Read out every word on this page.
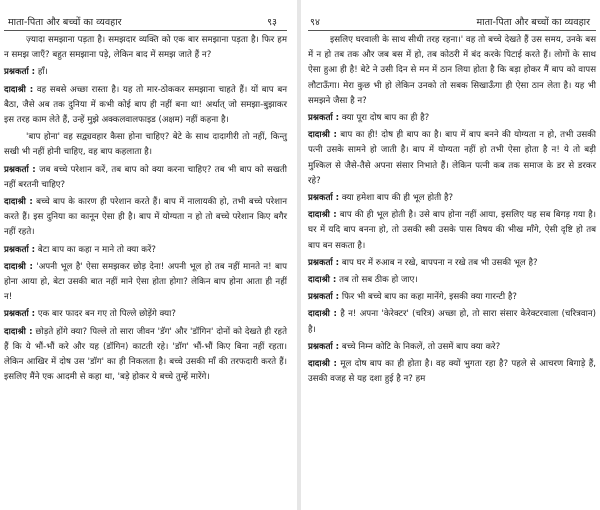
माता-पिता और बच्चों का व्यवहार	९३

ज़्यादा समझाना पड़ता है। समझदार व्यक्ति को एक बार समझाना पड़ता है। फिर हम न समझ जाएँ? बहुत समझाना पड़े, लेकिन बाद में समझ जाते हैं न?

प्रश्नकर्ता : हाँ।

दादाश्री : वह सबसे अच्छा रास्ता है। यह तो मार-ठोककर समझाना चाहते हैं। यों बाप बन बैठा, जैसे अब तक दुनिया में कभी कोई बाप ही नहीं बना था! अर्थात् जो समझा-बुझाकर इस तरह काम लेते हैं, उन्हें मुझे अक्कलवालफाइड (अक्षम) नहीं कहना है।

'बाप होना' वह सद्व्यवहार कैसा होना चाहिए? बेटे के साथ दादागीरी तो नहीं, किन्तु सखी भी नहीं होनी चाहिए, वह बाप कहलाता है।

प्रश्नकर्ता : जब बच्चे परेशान करें, तब बाप को क्या करना चाहिए? तब भी बाप को सखती नहीं बरतनी चाहिए?

दादाश्री : बच्चे बाप के कारण ही परेशान करते हैं। बाप में नालायकी हो, तभी बच्चे परेशान करते हैं। इस दुनिया का कानून ऐसा ही है। बाप में योग्यता न हो तो बच्चे परेशान किए बगैर नहीं रहते।

प्रश्नकर्ता : बेटा बाप का कहा न माने तो क्या करें?

दादाश्री : 'अपनी भूल है' ऐसा समझकर छोड़ देना! अपनी भूल हो तब नहीं मानते न! बाप होना आया हो, बेटा उसकी बात नहीं माने ऐसा होता होगा? लेकिन बाप होना आता ही नहीं न!

प्रश्नकर्ता : एक बार फादर बन गए तो पिल्ले छोड़ेंगे क्या?

दादाश्री : छोड़ते होंगे क्या? पिल्ले तो सारा जीवन 'डॅग' और 'डॉगिन' दोनों को देखते ही रहते हैं कि ये भौं-भौं करे और यह (डॉगिन) काटती रहे। 'डॉग' भौं-भौं किए बिना नहीं रहता। लेकिन आखिर में दोष उस 'डॉग' का ही निकलता है। बच्चे उसकी माँ की तरफदारी करते हैं। इसलिए मैंने एक आदमी से कहा था, 'बड़े होकर ये बच्चे तुम्हें मारेंगे।

९४	माता-पिता और बच्चों का व्यवहार

इसलिए घरवाली के साथ सीधी तरह रहना।' वह तो बच्चे देखते हैं उस समय, उनके बस में न हो तब तक और जब बस में हो, तब कोठरी में बंद करके पिटाई करते हैं। लोगों के साथ ऐसा हुआ ही है! बेटे ने उसी दिन से मन में ठान लिया होता है कि बड़ा होकर मैं बाप को वापस लौटाऊँगा। मेरा कुछ भी हो लेकिन उनको तो सबक सिखाऊँगा ही ऐसा ठान लेता है। यह भी समझने जैसा है न?

प्रश्नकर्ता : क्या पूरा दोष बाप का ही है?

दादाश्री : बाप का ही! दोष ही बाप का है। बाप में बाप बनने की योग्यता न हो, तभी उसकी पत्नी उसके सामने हो जाती है। बाप में योग्यता नहीं हो तभी ऐसा होता है न! ये तो बड़ी मुश्किल से जैसे-तैसे अपना संसार निभाते हैं। लेकिन पत्नी कब तक समाज के डर से डरकर रहे?

प्रश्नकर्ता : क्या हमेशा बाप की ही भूल होती है?

दादाश्री : बाप की ही भूल होती है। उसे बाप होना नहीं आया, इसलिए यह सब बिगड़ गया है। घर में यदि बाप बनना हो, तो उसकी स्त्री उसके पास विषय की भीख माँगे, ऐसी दृष्टि हो तब बाप बन सकता है।

प्रश्नकर्ता : बाप घर में रुआब न रखे, बापपना न रखे तब भी उसकी भूल है?

दादाश्री : तब तो सब ठीक हो जाए।

प्रश्नकर्ता : फिर भी बच्चे बाप का कहा मानेंगे, इसकी क्या गारन्टी है?

दादाश्री : है न! अपना 'केरेक्टर' (चरित्र) अच्छा हो, तो सारा संसार केरेक्टरवाला (चरित्रवान) है।

प्रश्नकर्ता : बच्चे निम्न कोटि के निकलें, तो उसमें बाप क्या करे?

दादाश्री : मूल दोष बाप का ही होता है। वह क्यों भुगता रहा है? पहले से आचरण बिगाड़े हैं, उसकी वजह से यह दशा हुई है न? हम
